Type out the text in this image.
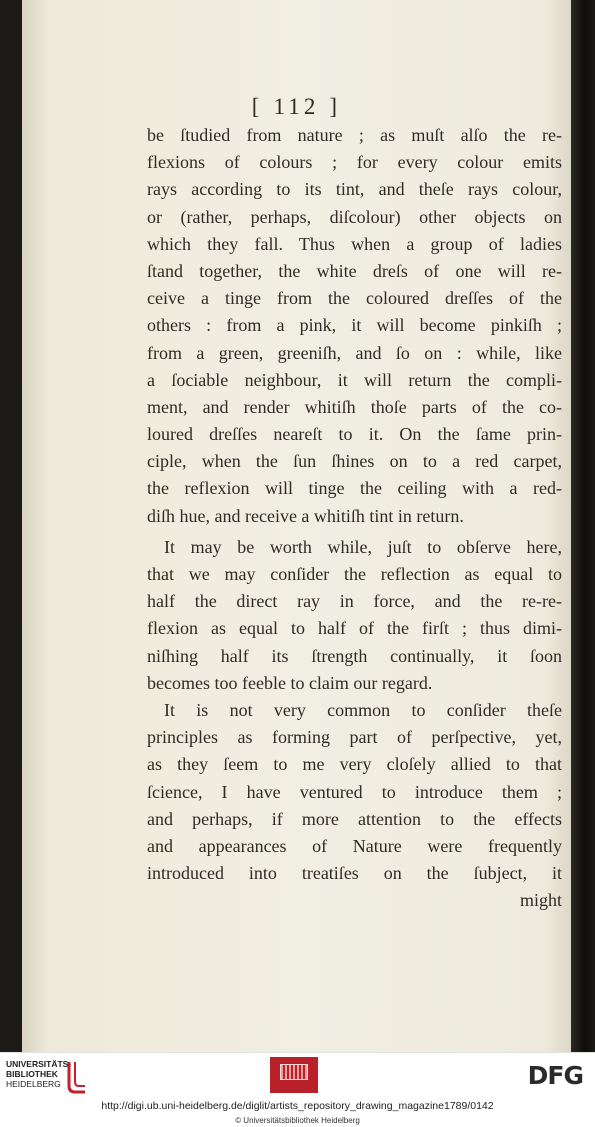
[ 112 ]
be ſtudied from nature ; as muſt alſo the re-
flexions of colours ; for every colour emits
rays according to its tint, and theſe rays colour,
or (rather, perhaps, diſcolour) other objects on
which they fall. Thus when a group of ladies
ſtand together, the white dreſs of one will re-
ceive a tinge from the coloured dreſſes of the
others : from a pink, it will become pinkiſh ;
from a green, greeniſh, and ſo on : while, like
a ſociable neighbour, it will return the compli-
ment, and render whitiſh thoſe parts of the co-
loured dreſſes neareſt to it. On the ſame prin-
ciple, when the ſun ſhines on to a red carpet,
the reflexion will tinge the ceiling with a red-
diſh hue, and receive a whitiſh tint in return.
It may be worth while, juſt to obſerve here,
that we may conſider the reflection as equal to
half the direct ray in force, and the re-re-
flexion as equal to half of the firſt ; thus dimi-
niſhing half its ſtrength continually, it ſoon
becomes too feeble to claim our regard.
It is not very common to conſider theſe
principles as forming part of perſpective, yet,
as they ſeem to me very cloſely allied to that
ſcience, I have ventured to introduce them ;
and perhaps, if more attention to the effects
and appearances of Nature were frequently
introduced into treatiſes on the ſubject, it
might
UNIVERSITÄTS-
BIBLIOTHEK
HEIDELBERG	DFG
http://digi.ub.uni-heidelberg.de/diglit/artists_repository_drawing_magazine1789/0142
© Universitätsbibliothek Heidelberg
